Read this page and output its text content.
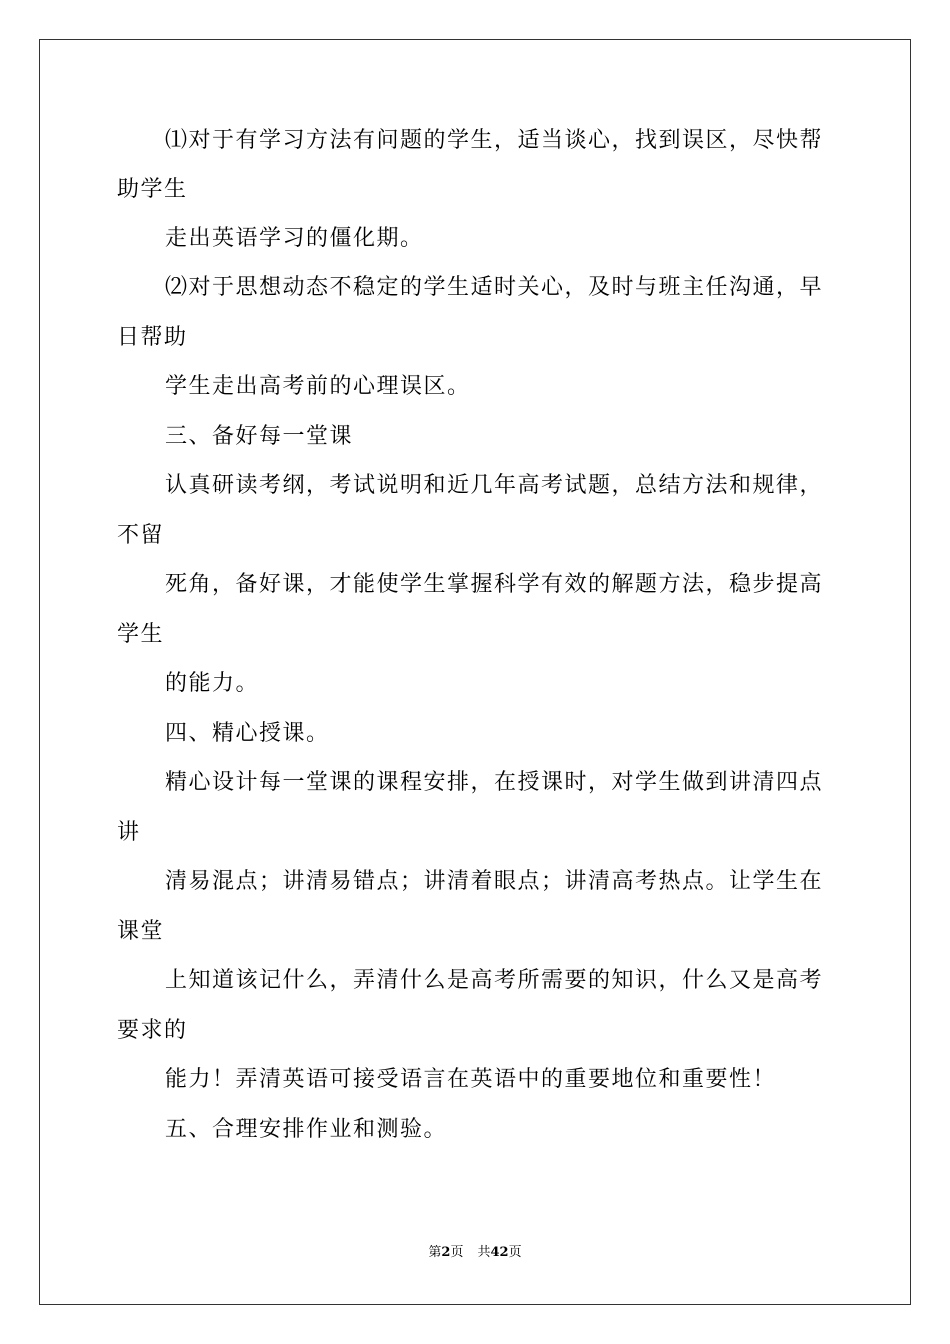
⑴对于有学习方法有问题的学生，适当谈心，找到误区，尽快帮
助学生
走出英语学习的僵化期。
⑵对于思想动态不稳定的学生适时关心，及时与班主任沟通，早
日帮助
学生走出高考前的心理误区。
三、备好每一堂课
认真研读考纲，考试说明和近几年高考试题，总结方法和规律，
不留
死角，备好课，才能使学生掌握科学有效的解题方法，稳步提高
学生
的能力。
四、精心授课。
精心设计每一堂课的课程安排，在授课时，对学生做到讲清四点
讲
清易混点；讲清易错点；讲清着眼点；讲清高考热点。让学生在
课堂
上知道该记什么，弄清什么是高考所需要的知识，什么又是高考
要求的
能力！弄清英语可接受语言在英语中的重要地位和重要性！
五、合理安排作业和测验。
第2页 共42页
